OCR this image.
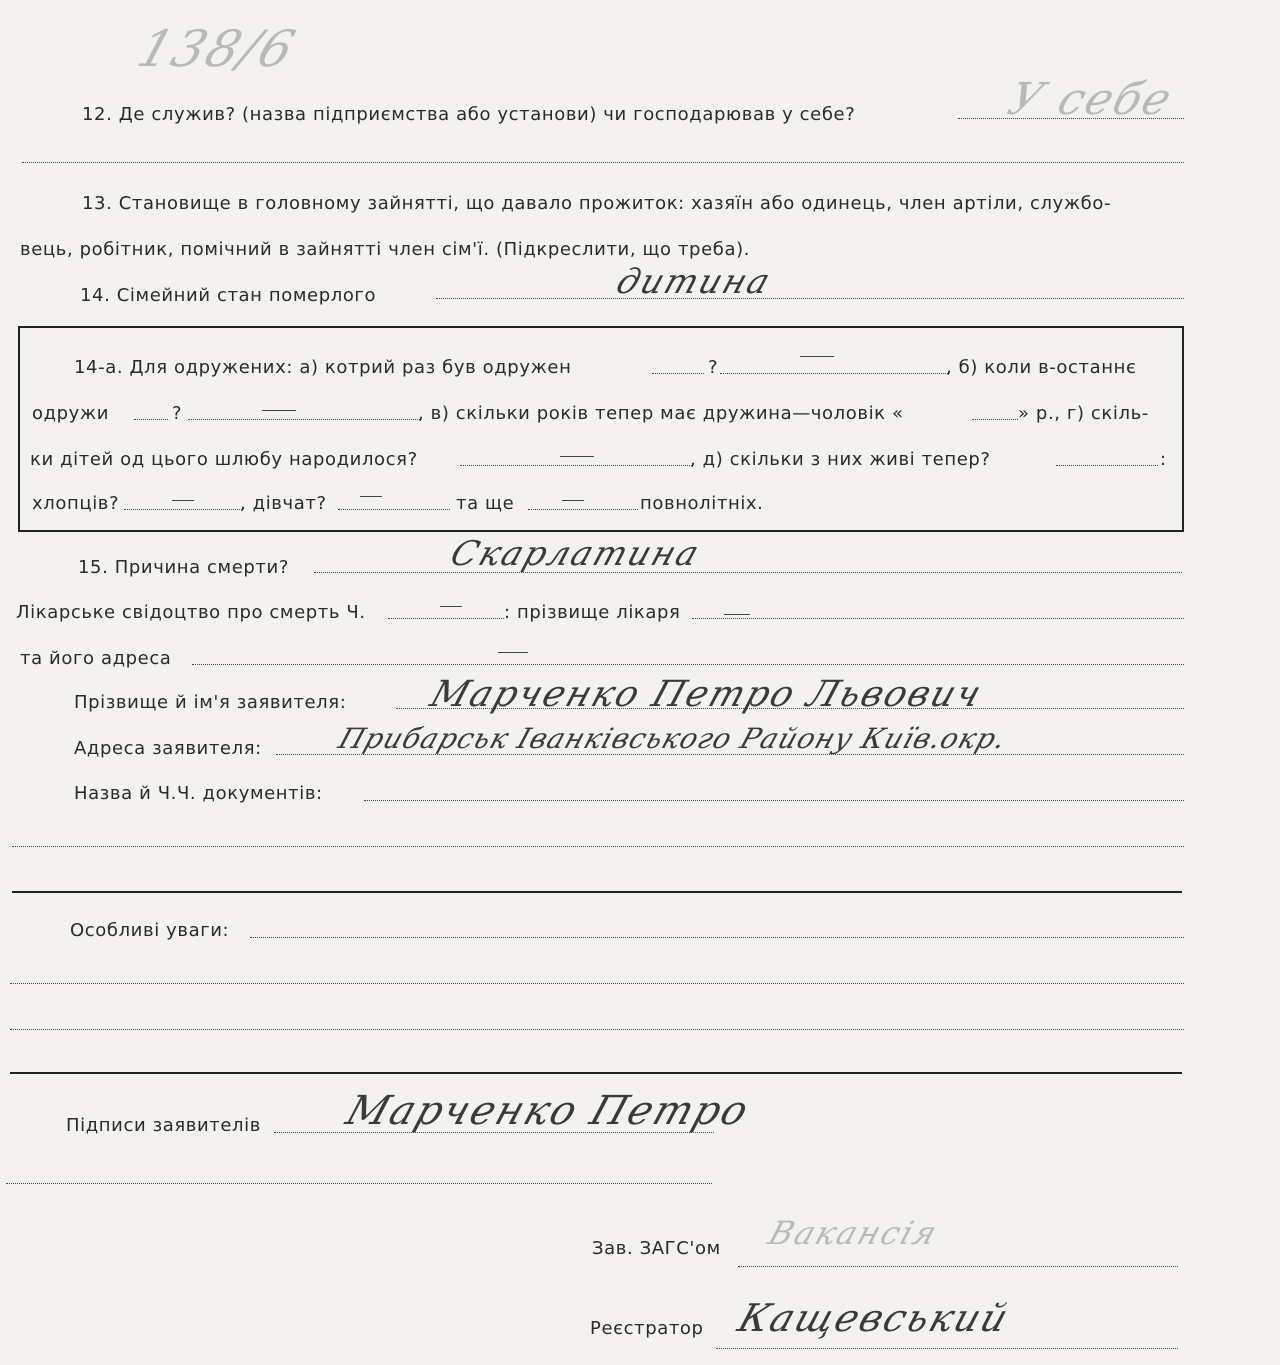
138/6
12. Де служив? (назва підприємства або установи) чи господарював у себе?	У себе
13. Становище в головному зайнятті, що давало прожиток: хазяїн або одинець, член артіли, службо-
вець, робітник, помічний в зайнятті член сім'ї. (Підкреслити, що треба).
14. Сімейний стан померлого	дитина
14-а. Для одружених: а) котрий раз був одружен	?	, б) коли в-останнє
одружи	?	, в) скільки років тепер має дружина—чоловік «	» р., г) скіль-
ки дітей од цього шлюбу народилося?	, д) скільки з них живі тепер?	:
хлопців?	, дівчат?	та ще	повнолітніх.
15. Причина смерти?	Скарлатина
Лікарське свідоцтво про смерть Ч.	: прізвище лікаря
та його адреса
Прізвище й ім'я заявителя: Марченко Петро Львович
Адреса заявителя:	Прибарськ Іванківського Району Київ.окр.
Назва й Ч.Ч. документів:
Особливі уваги:
Підписи заявителів Марченко Петро
Зав. ЗАГС'ом Вакансія
Реєстратор Кащевський
